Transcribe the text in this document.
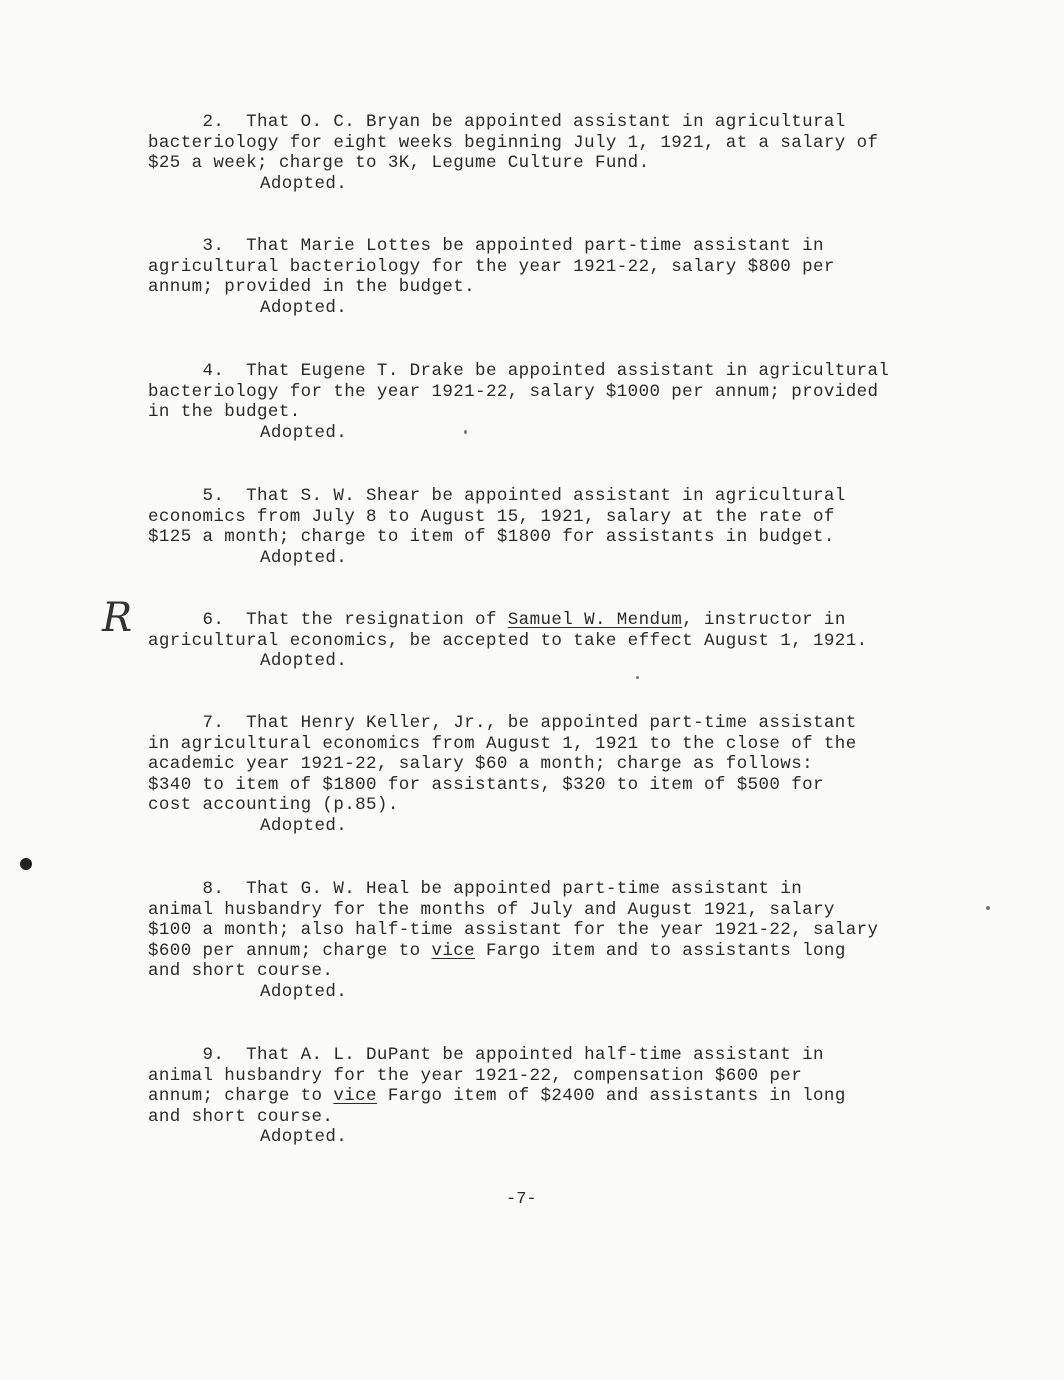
R
2.  That O. C. Bryan be appointed assistant in agricultural
bacteriology for eight weeks beginning July 1, 1921, at a salary of
$25 a week; charge to 3K, Legume Culture Fund.
Adopted.
3.  That Marie Lottes be appointed part-time assistant in
agricultural bacteriology for the year 1921-22, salary $800 per
annum; provided in the budget.
Adopted.
4.  That Eugene T. Drake be appointed assistant in agricultural
bacteriology for the year 1921-22, salary $1000 per annum; provided
in the budget.
Adopted.
5.  That S. W. Shear be appointed assistant in agricultural
economics from July 8 to August 15, 1921, salary at the rate of
$125 a month; charge to item of $1800 for assistants in budget.
Adopted.
6.  That the resignation of Samuel W. Mendum, instructor in
agricultural economics, be accepted to take effect August 1, 1921.
Adopted.
7.  That Henry Keller, Jr., be appointed part-time assistant
in agricultural economics from August 1, 1921 to the close of the
academic year 1921-22, salary $60 a month; charge as follows:
$340 to item of $1800 for assistants, $320 to item of $500 for
cost accounting (p.85).
Adopted.
8.  That G. W. Heal be appointed part-time assistant in
animal husbandry for the months of July and August 1921, salary
$100 a month; also half-time assistant for the year 1921-22, salary
$600 per annum; charge to vice Fargo item and to assistants long
and short course.
Adopted.
9.  That A. L. DuPant be appointed half-time assistant in
animal husbandry for the year 1921-22, compensation $600 per
annum; charge to vice Fargo item of $2400 and assistants in long
and short course.
Adopted.
-7-
